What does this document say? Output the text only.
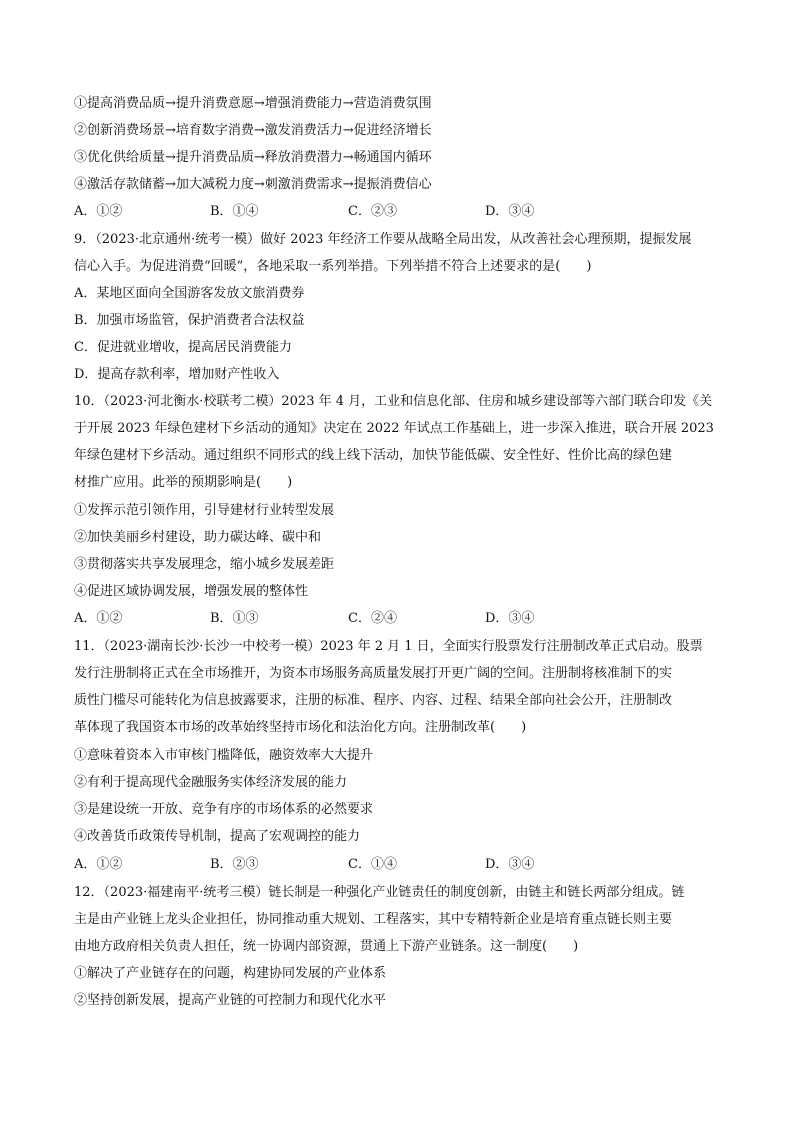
①提高消费品质→提升消费意愿→增强消费能力→营造消费氛围
②创新消费场景→培育数字消费→激发消费活力→促进经济增长
③优化供给质量→提升消费品质→释放消费潜力→畅通国内循环
④激活存款储蓄→加大减税力度→刺激消费需求→提振消费信心
A．①②	B．①④	C．②③	D．③④
9．（2023·北京通州·统考一模）做好 2023 年经济工作要从战略全局出发，从改善社会心理预期，提振发展
信心入手。为促进消费“回暖”，各地采取一系列举措。下列举措不符合上述要求的是(　　)
A．某地区面向全国游客发放文旅消费券
B．加强市场监管，保护消费者合法权益
C．促进就业增收，提高居民消费能力
D．提高存款利率，增加财产性收入
10．（2023·河北衡水·校联考二模）2023 年 4 月，工业和信息化部、住房和城乡建设部等六部门联合印发《关
于开展 2023 年绿色建材下乡活动的通知》决定在 2022 年试点工作基础上，进一步深入推进，联合开展 2023
年绿色建材下乡活动。通过组织不同形式的线上线下活动，加快节能低碳、安全性好、性价比高的绿色建
材推广应用。此举的预期影响是(　　)
①发挥示范引领作用，引导建材行业转型发展
②加快美丽乡村建设，助力碳达峰、碳中和
③贯彻落实共享发展理念，缩小城乡发展差距
④促进区域协调发展，增强发展的整体性
A．①②	B．①③	C．②④	D．③④
11．（2023·湖南长沙·长沙一中校考一模）2023 年 2 月 1 日，全面实行股票发行注册制改革正式启动。股票
发行注册制将正式在全市场推开，为资本市场服务高质量发展打开更广阔的空间。注册制将核准制下的实
质性门槛尽可能转化为信息披露要求，注册的标准、程序、内容、过程、结果全部向社会公开，注册制改
革体现了我国资本市场的改革始终坚持市场化和法治化方向。注册制改革(　　)
①意味着资本入市审核门槛降低，融资效率大大提升
②有利于提高现代金融服务实体经济发展的能力
③是建设统一开放、竞争有序的市场体系的必然要求
④改善货币政策传导机制，提高了宏观调控的能力
A．①②	B．②③	C．①④	D．③④
12．（2023·福建南平·统考三模）链长制是一种强化产业链责任的制度创新，由链主和链长两部分组成。链
主是由产业链上龙头企业担任，协同推动重大规划、工程落实，其中专精特新企业是培育重点链长则主要
由地方政府相关负责人担任，统一协调内部资源，贯通上下游产业链条。这一制度(　　)
①解决了产业链存在的问题，构建协同发展的产业体系
②坚持创新发展，提高产业链的可控制力和现代化水平
